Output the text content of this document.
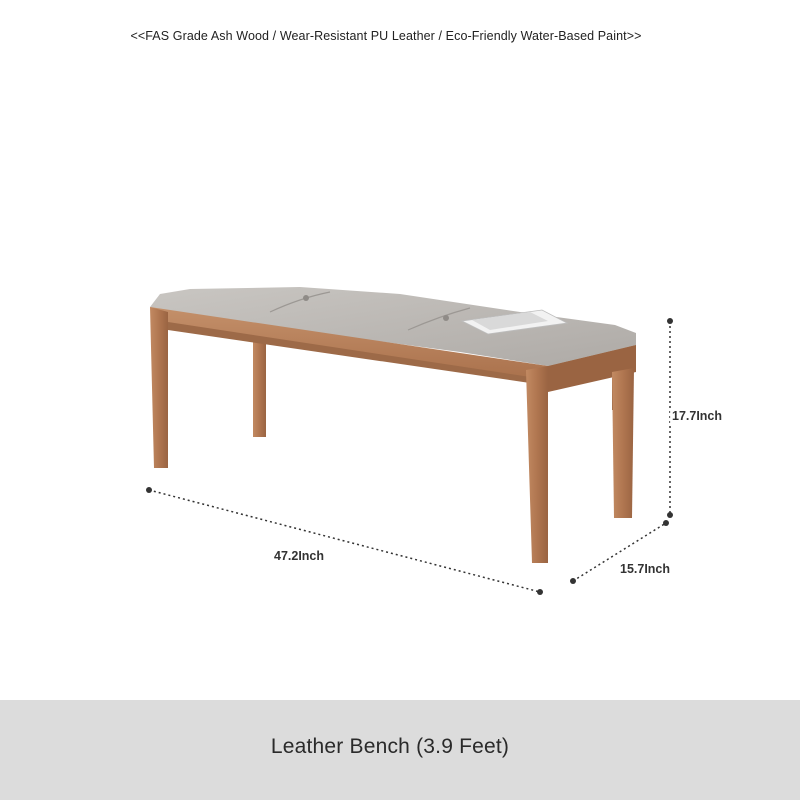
<<FAS Grade Ash Wood / Wear-Resistant PU Leather / Eco-Friendly Water-Based Paint>>
47.2Inch
17.7Inch
15.7Inch
Leather Bench (3.9 Feet)
